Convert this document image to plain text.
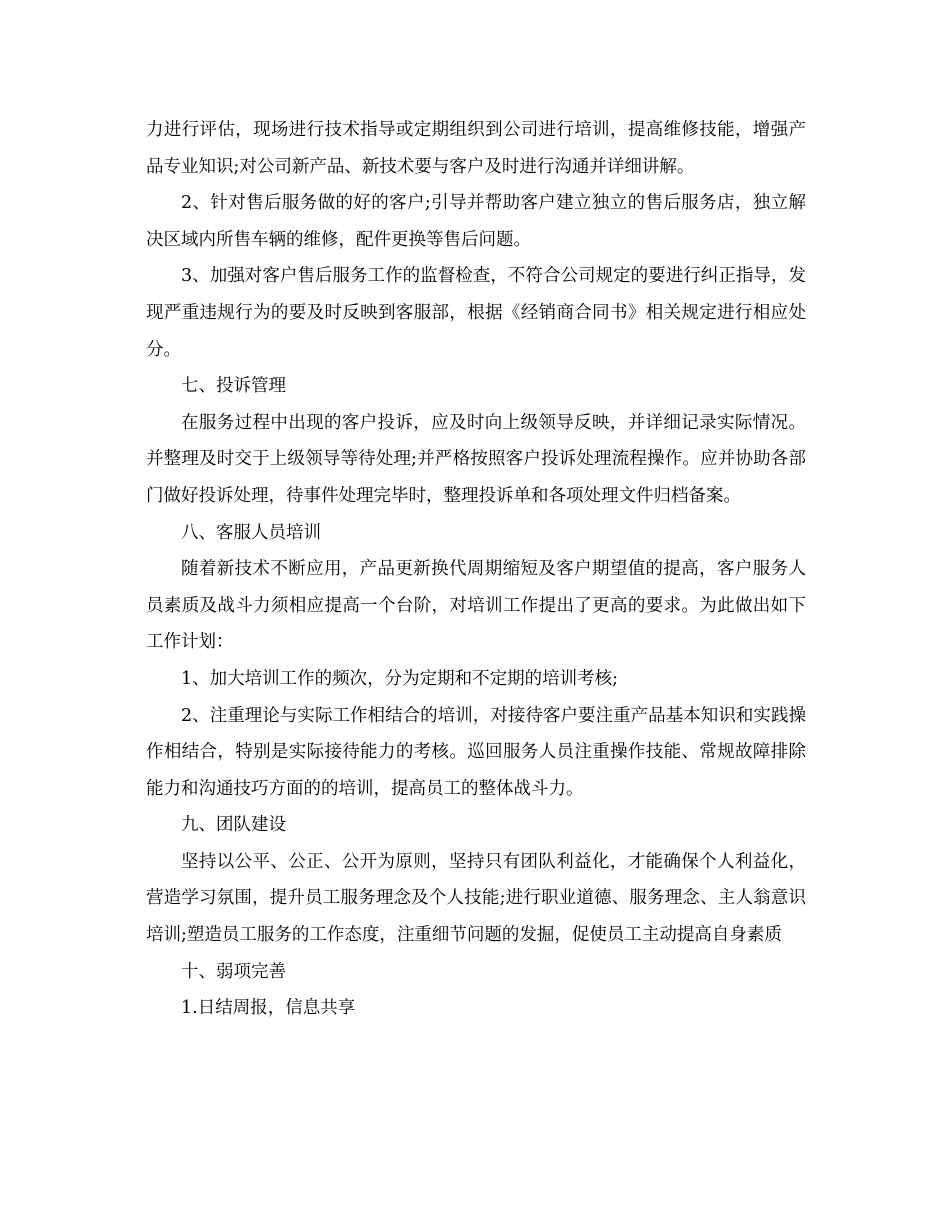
力进行评估，现场进行技术指导或定期组织到公司进行培训，提高维修技能，增强产品专业知识;对公司新产品、新技术要与客户及时进行沟通并详细讲解。

2、针对售后服务做的好的客户;引导并帮助客户建立独立的售后服务店，独立解决区域内所售车辆的维修，配件更换等售后问题。

3、加强对客户售后服务工作的监督检查，不符合公司规定的要进行纠正指导，发现严重违规行为的要及时反映到客服部，根据《经销商合同书》相关规定进行相应处分。

七、投诉管理

在服务过程中出现的客户投诉，应及时向上级领导反映，并详细记录实际情况。并整理及时交于上级领导等待处理;并严格按照客户投诉处理流程操作。应并协助各部门做好投诉处理，待事件处理完毕时，整理投诉单和各项处理文件归档备案。

八、客服人员培训

随着新技术不断应用，产品更新换代周期缩短及客户期望值的提高，客户服务人员素质及战斗力须相应提高一个台阶，对培训工作提出了更高的要求。为此做出如下工作计划：

1、加大培训工作的频次，分为定期和不定期的培训考核;

2、注重理论与实际工作相结合的培训，对接待客户要注重产品基本知识和实践操作相结合，特别是实际接待能力的考核。巡回服务人员注重操作技能、常规故障排除能力和沟通技巧方面的的培训，提高员工的整体战斗力。

九、团队建设

坚持以公平、公正、公开为原则，坚持只有团队利益化，才能确保个人利益化，营造学习氛围，提升员工服务理念及个人技能;进行职业道德、服务理念、主人翁意识培训;塑造员工服务的工作态度，注重细节问题的发掘，促使员工主动提高自身素质

十、弱项完善

1.日结周报，信息共享
